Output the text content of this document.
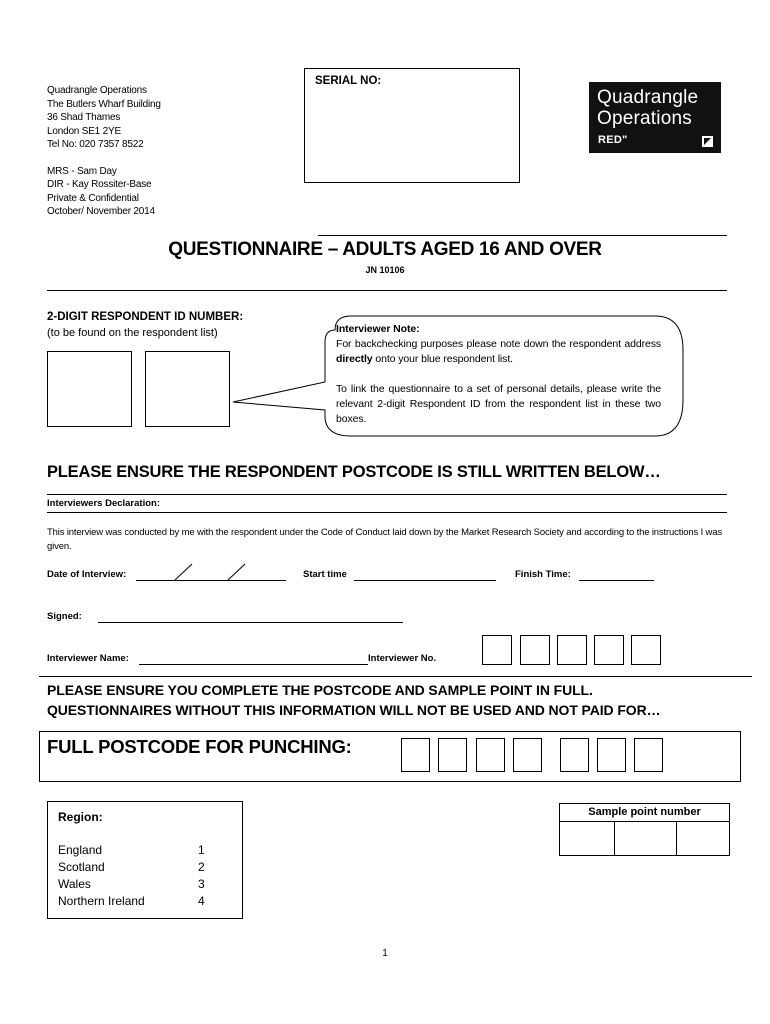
Quadrangle Operations
The Butlers Wharf Building
36 Shad Thames
London SE1 2YE
Tel No: 020 7357 8522
MRS - Sam Day
DIR - Kay Rossiter-Base
Private & Confidential
October/ November 2014
SERIAL NO:
Quadrangle
Operations
RED"
QUESTIONNAIRE – ADULTS AGED 16 AND OVER
JN 10106
2-DIGIT RESPONDENT ID NUMBER:
(to be found on the respondent list)	Interviewer Note:

For backchecking purposes please note down the respondent address directly onto your blue respondent list.

To link the questionnaire to a set of personal details, please write the relevant 2-digit Respondent ID from the respondent list in these two boxes.

PLEASE ENSURE THE RESPONDENT POSTCODE IS STILL WRITTEN BELOW…
Interviewers Declaration:
This interview was conducted by me with the respondent under the Code of Conduct laid down by the Market Research Society and according to the instructions I was given.
Date of Interview:	Start time	Finish Time:
Signed:
Interviewer Name:	Interviewer No.
PLEASE ENSURE YOU COMPLETE THE POSTCODE AND SAMPLE POINT IN FULL.
QUESTIONNAIRES WITHOUT THIS INFORMATION WILL NOT BE USED AND NOT PAID FOR…
FULL POSTCODE FOR PUNCHING:
Region:
England	1
Scotland	2
Wales	3
Northern Ireland	4
Sample point number
1
